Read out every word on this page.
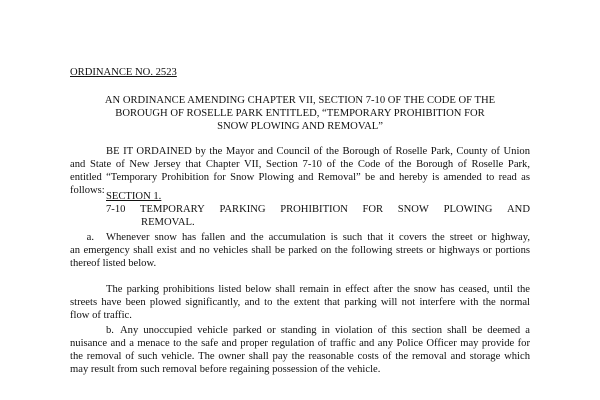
ORDINANCE NO. 2523

AN ORDINANCE AMENDING CHAPTER VII, SECTION 7-10 OF THE CODE OF THE
BOROUGH OF ROSELLE PARK ENTITLED, “TEMPORARY PROHIBITION FOR
SNOW PLOWING AND REMOVAL”
BE IT ORDAINED by the Mayor and Council of the Borough of Roselle Park, County of Union
and State of New Jersey that Chapter VII, Section 7-10 of the Code of the Borough of Roselle Park,
entitled “Temporary Prohibition for Snow Plowing and Removal” be and hereby is amended to read as
follows:

SECTION 1.

7-10 TEMPORARY PARKING PROHIBITION FOR SNOW PLOWING AND
REMOVAL.
a.	Whenever snow has fallen and the accumulation is such that it covers the street or highway,
an emergency shall exist and no vehicles shall be parked on the following streets or highways or portions
thereof listed below.
The parking prohibitions listed below shall remain in effect after the snow has ceased, until the
streets have been plowed significantly, and to the extent that parking will not interfere with the normal
flow of traffic.
b. Any unoccupied vehicle parked or standing in violation of this section shall be deemed a
nuisance and a menace to the safe and proper regulation of traffic and any Police Officer may provide for
the removal of such vehicle. The owner shall pay the reasonable costs of the removal and storage which
may result from such removal before regaining possession of the vehicle.
